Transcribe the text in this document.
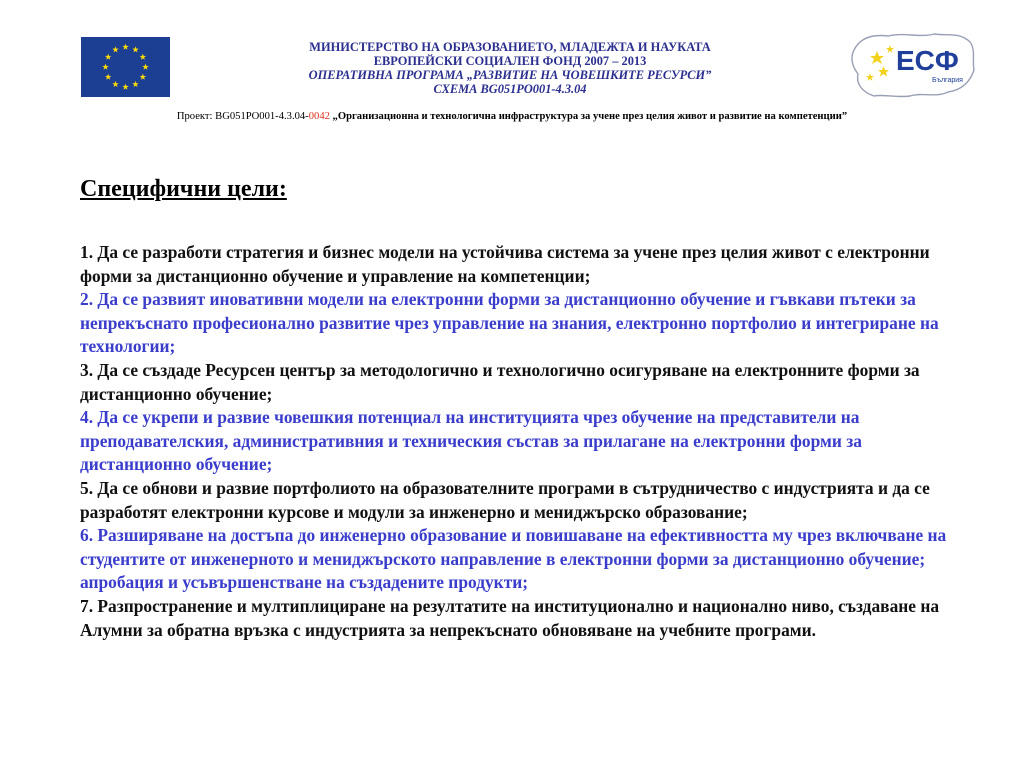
МИНИСТЕРСТВО НА ОБРАЗОВАНИЕТО, МЛАДЕЖТА И НАУКАТА
ЕВРОПЕЙСКИ СОЦИАЛЕН ФОНД 2007 – 2013
ОПЕРАТИВНА ПРОГРАМА „РАЗВИТИЕ НА ЧОВЕШКИТЕ РЕСУРСИ”
СХЕМА BG051PO001-4.3.04
ЕСФ
България
Проект: BG051PO001-4.3.04-0042 „Организационна и технологична инфраструктура за учене през целия живот и развитие на компетенции”
Специфични цели:
1. Да се разработи стратегия и бизнес модели на устойчива система за учене през целия живот с електронни форми за дистанционно обучение и управление на компетенции;
2. Да се развият иновативни модели на електронни форми за дистанционно обучение и гъвкави пътеки за непрекъснато професионално развитие чрез управление на знания, електронно портфолио и интегриране на технологии;
3. Да се създаде Ресурсен център за методологично и технологично осигуряване на електронните форми за дистанционно обучение;
4. Да се укрепи и развие човешкия потенциал на институцията чрез обучение на представители на преподавателския, административния и техническия състав за прилагане на електронни форми за дистанционно обучение;
5. Да се обнови и развие портфолиото на образователните програми в сътрудничество с индустрията и да се разработят електронни курсове и модули за инженерно и мениджърско образование;
6. Разширяване на достъпа до инженерно образование и повишаване на ефективността му чрез включване на студентите от инженерното и мениджърското направление в електронни форми за дистанционно обучение; апробация и усъвършенстване на създадените продукти;
7. Разпространение и мултиплициране на резултатите на институционално и национално ниво, създаване на Алумни за обратна връзка с индустрията за непрекъснато обновяване на учебните програми.
